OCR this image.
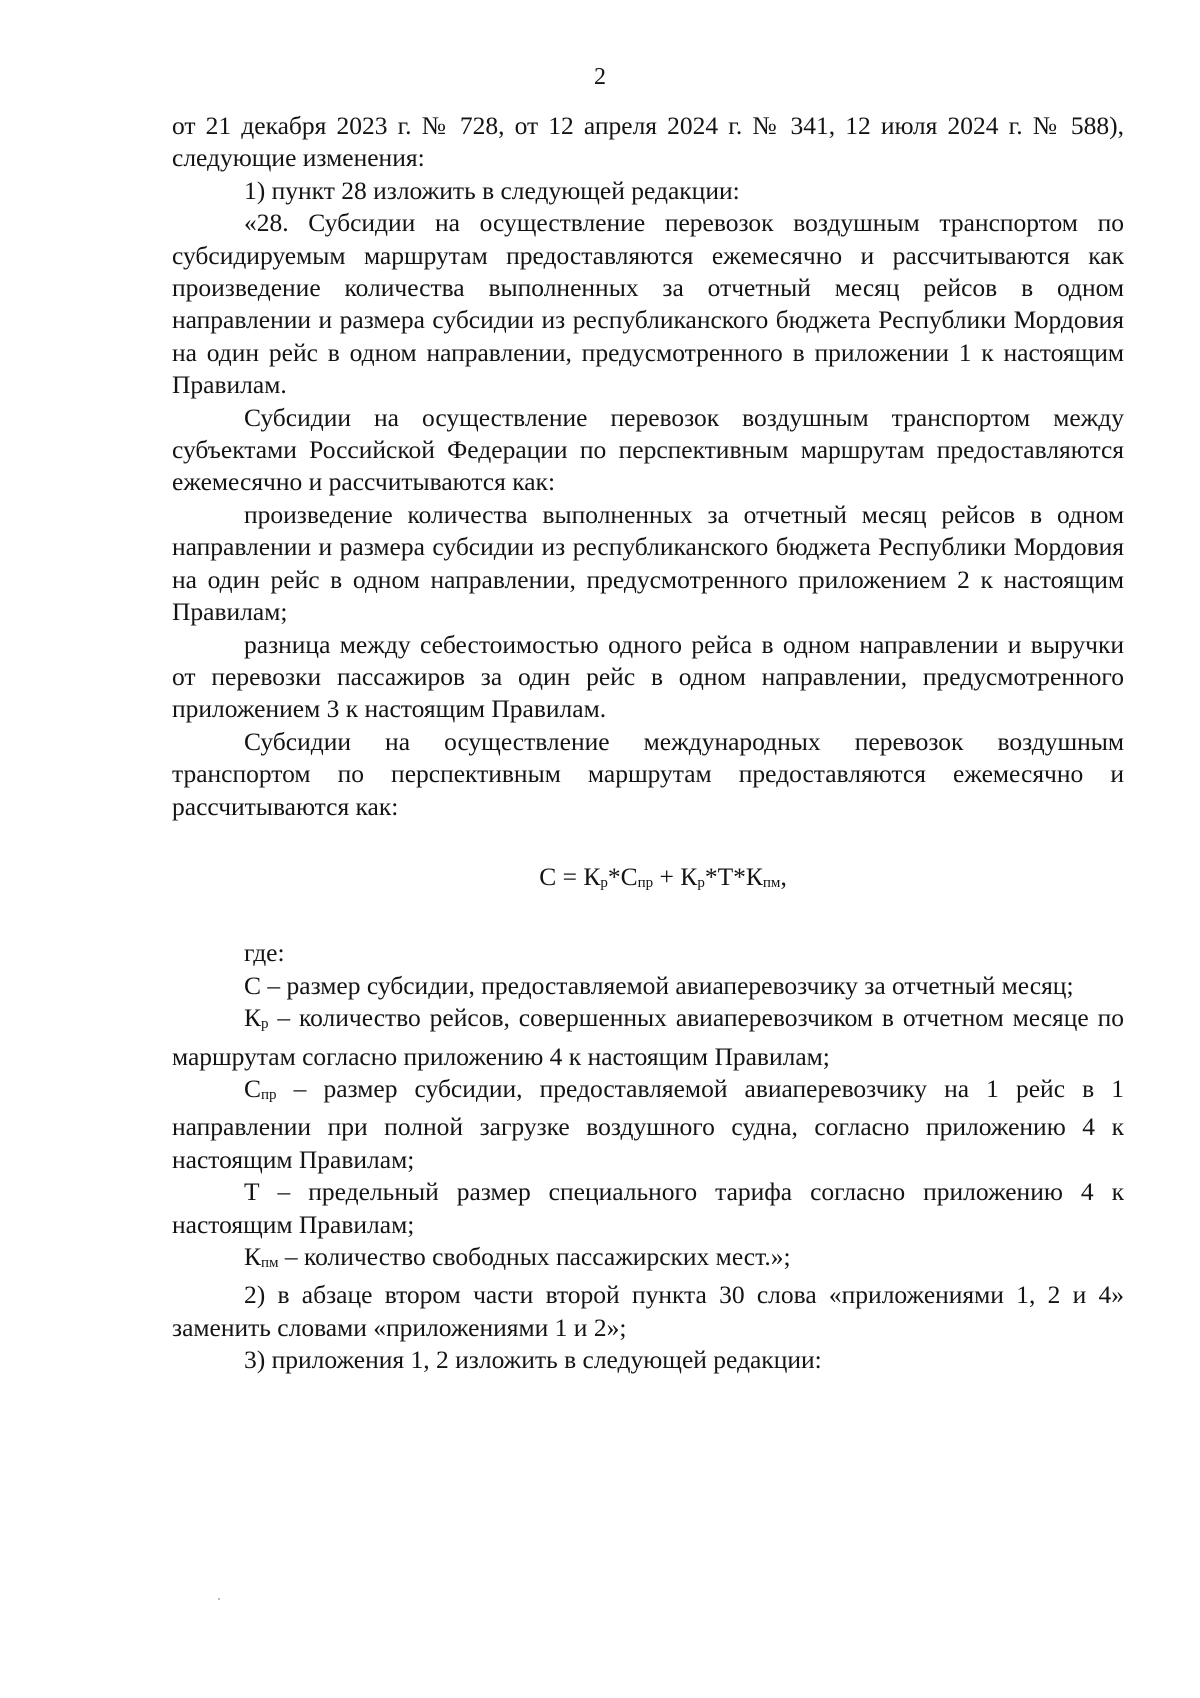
2

от 21 декабря 2023 г. № 728, от 12 апреля 2024 г. № 341, 12 июля 2024 г. № 588), следующие изменения:

1) пункт 28 изложить в следующей редакции:

«28. Субсидии на осуществление перевозок воздушным транспортом по субсидируемым маршрутам предоставляются ежемесячно и рассчитываются как произведение количества выполненных за отчетный месяц рейсов в одном направлении и размера субсидии из республиканского бюджета Республики Мордовия на один рейс в одном направлении, предусмотренного в приложении 1 к настоящим Правилам.

Субсидии на осуществление перевозок воздушным транспортом между субъектами Российской Федерации по перспективным маршрутам предоставляются ежемесячно и рассчитываются как:

произведение количества выполненных за отчетный месяц рейсов в одном направлении и размера субсидии из республиканского бюджета Республики Мордовия на один рейс в одном направлении, предусмотренного приложением 2 к настоящим Правилам;

разница между себестоимостью одного рейса в одном направлении и выручки от перевозки пассажиров за один рейс в одном направлении, предусмотренного приложением 3 к настоящим Правилам.

Субсидии на осуществление международных перевозок воздушным транспортом по перспективным маршрутам предоставляются ежемесячно и рассчитываются как:

$С = К_р*С_{пр} + К_р*Т*К_{пм}$,

где:

С – размер субсидии, предоставляемой авиаперевозчику за отчетный месяц;

$К_р$ – количество рейсов, совершенных авиаперевозчиком в отчетном месяце по маршрутам согласно приложению 4 к настоящим Правилам;

$С_{пр}$ – размер субсидии, предоставляемой авиаперевозчику на 1 рейс в 1 направлении при полной загрузке воздушного судна, согласно приложению 4 к настоящим Правилам;

Т – предельный размер специального тарифа согласно приложению 4 к настоящим Правилам;

$К_{пм}$ – количество свободных пассажирских мест.»;

2) в абзаце втором части второй пункта 30 слова «приложениями 1, 2 и 4» заменить словами «приложениями 1 и 2»;

3) приложения 1, 2 изложить в следующей редакции:
